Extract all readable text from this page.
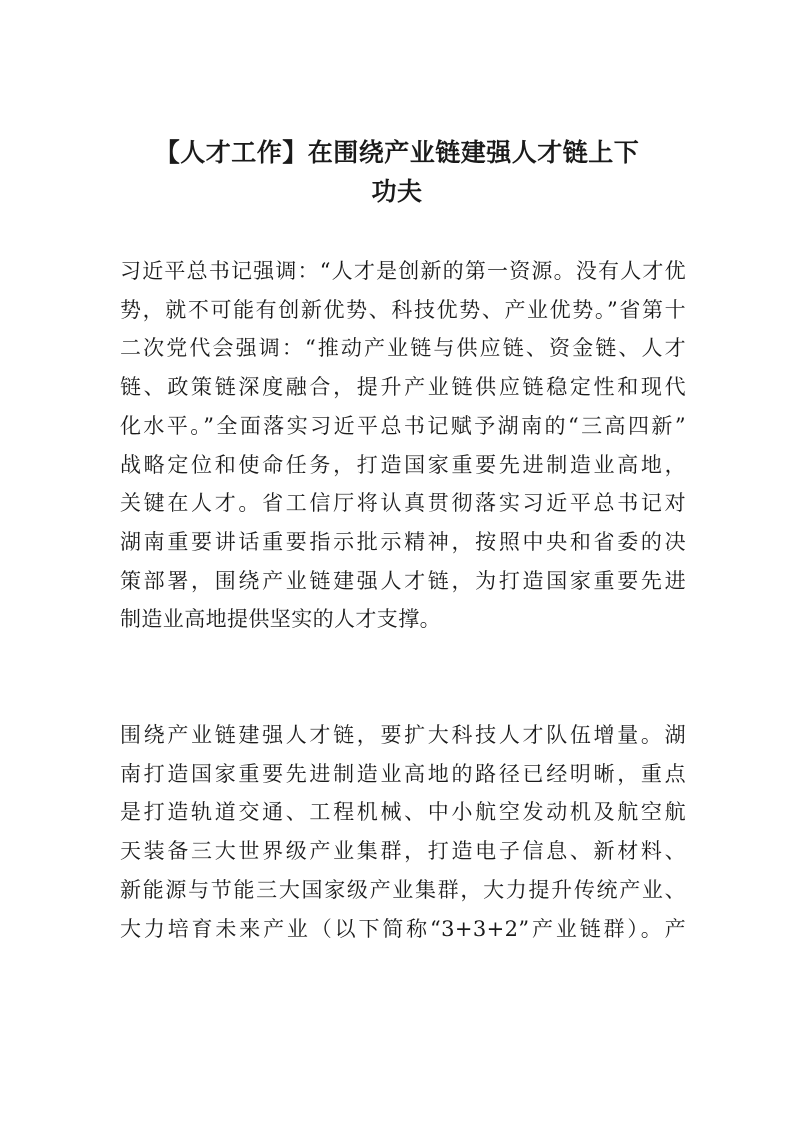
【人才工作】在围绕产业链建强人才链上下
功夫
习近平总书记强调：“人才是创新的第一资源。没有人才优
势，就不可能有创新优势、科技优势、产业优势。”省第十
二次党代会强调：“推动产业链与供应链、资金链、人才
链、政策链深度融合，提升产业链供应链稳定性和现代
化水平。”全面落实习近平总书记赋予湖南的“三高四新”
战略定位和使命任务，打造国家重要先进制造业高地，
关键在人才。省工信厅将认真贯彻落实习近平总书记对
湖南重要讲话重要指示批示精神，按照中央和省委的决
策部署，围绕产业链建强人才链，为打造国家重要先进
制造业高地提供坚实的人才支撑。
围绕产业链建强人才链，要扩大科技人才队伍增量。湖
南打造国家重要先进制造业高地的路径已经明晰，重点
是打造轨道交通、工程机械、中小航空发动机及航空航
天装备三大世界级产业集群，打造电子信息、新材料、
新能源与节能三大国家级产业集群，大力提升传统产业、
大力培育未来产业（以下简称“3+3+2”产业链群）。产
